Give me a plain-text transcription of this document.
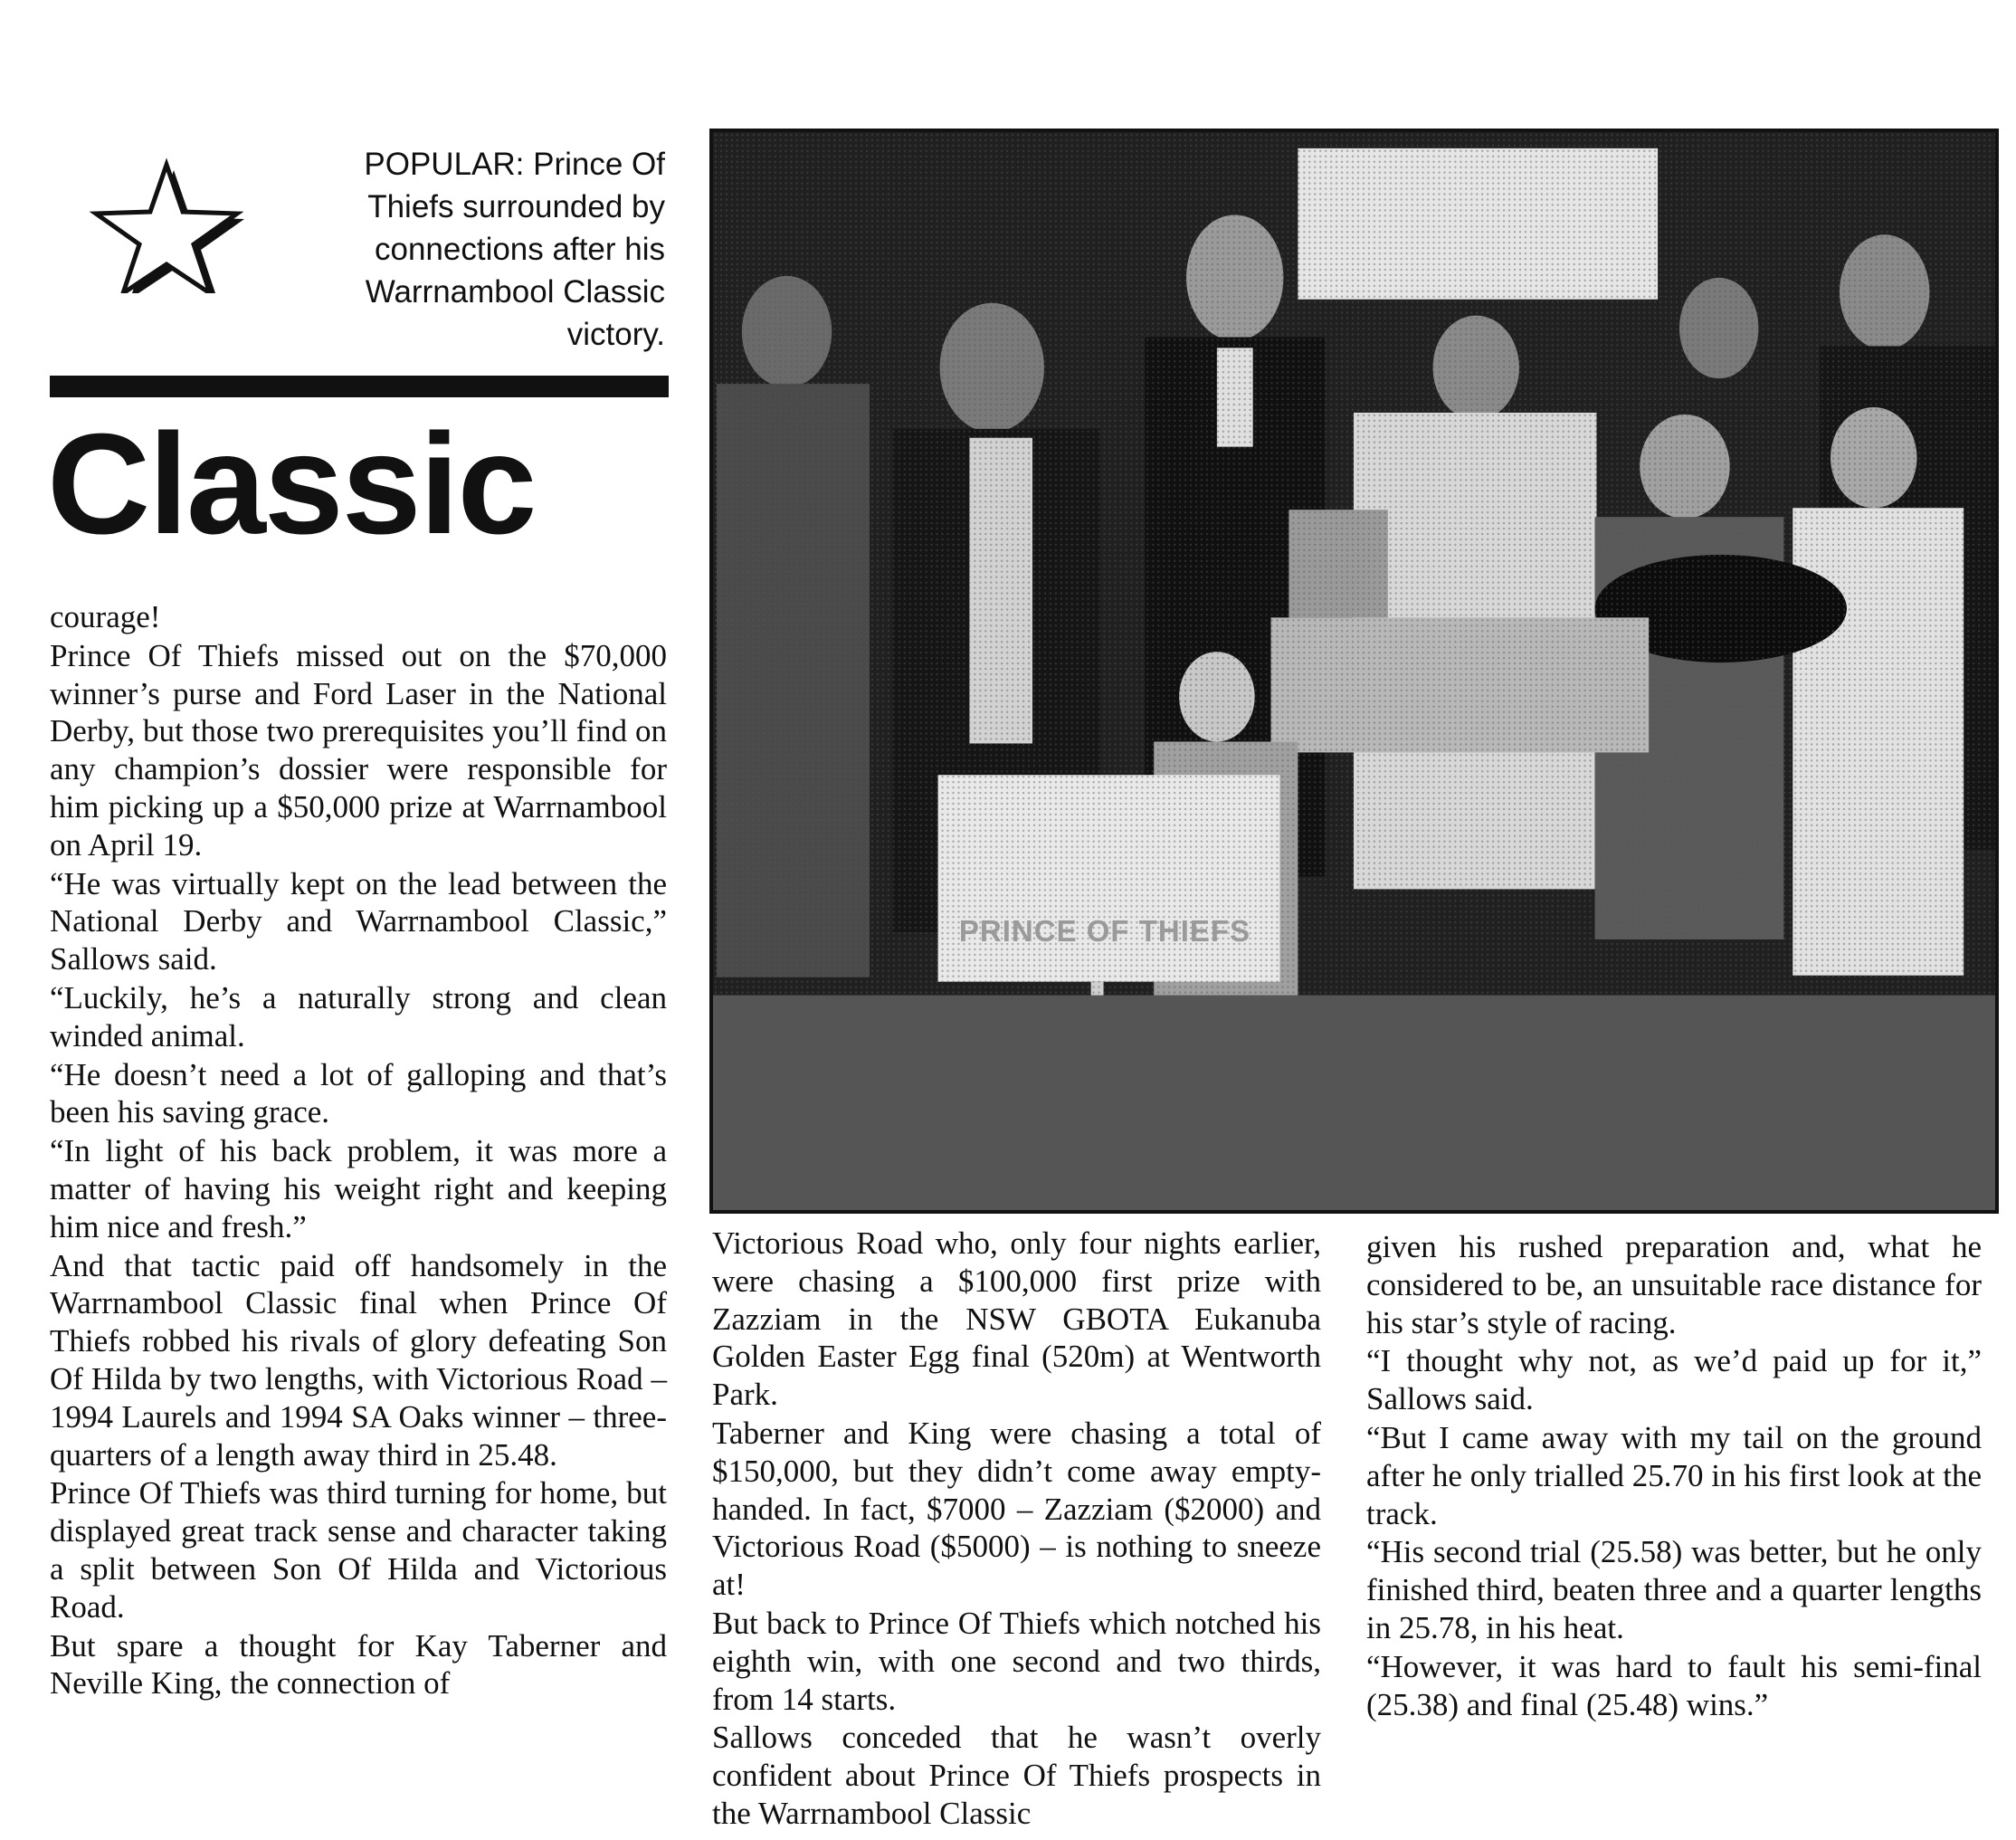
POPULAR: Prince Of
Thiefs surrounded by
connections after his
Warrnambool Classic
victory.
Classic
PRINCE OF THIEFS

courage!

Prince Of Thiefs missed out on the $70,000 winner’s purse and Ford Laser in the National Derby, but those two prerequisites you’ll find on any champion’s dossier were responsible for him picking up a $50,000 prize at Warrnambool on April 19.

“He was virtually kept on the lead between the National Derby and Warrnambool Classic,” Sallows said.

“Luckily, he’s a naturally strong and clean winded animal.

“He doesn’t need a lot of galloping and that’s been his saving grace.

“In light of his back problem, it was more a matter of having his weight right and keeping him nice and fresh.”

And that tactic paid off handsomely in the Warrnambool Classic final when Prince Of Thiefs robbed his rivals of glory defeating Son Of Hilda by two lengths, with Victorious Road – 1994 Laurels and 1994 SA Oaks winner – three-quarters of a length away third in 25.48.

Prince Of Thiefs was third turning for home, but displayed great track sense and character taking a split between Son Of Hilda and Victorious Road.

But spare a thought for Kay Taberner and Neville King, the connection of

Victorious Road who, only four nights earlier, were chasing a $100,000 first prize with Zazziam in the NSW GBOTA Eukanuba Golden Easter Egg final (520m) at Wentworth Park.

Taberner and King were chasing a total of $150,000, but they didn’t come away empty-handed. In fact, $7000 – Zazziam ($2000) and Victorious Road ($5000) – is nothing to sneeze at!

But back to Prince Of Thiefs which notched his eighth win, with one second and two thirds, from 14 starts.

Sallows conceded that he wasn’t overly confident about Prince Of Thiefs prospects in the Warrnambool Classic

given his rushed preparation and, what he considered to be, an unsuitable race distance for his star’s style of racing.

“I thought why not, as we’d paid up for it,” Sallows said.

“But I came away with my tail on the ground after he only trialled 25.70 in his first look at the track.

“His second trial (25.58) was better, but he only finished third, beaten three and a quarter lengths in 25.78, in his heat.

“However, it was hard to fault his semi-final (25.38) and final (25.48) wins.”
